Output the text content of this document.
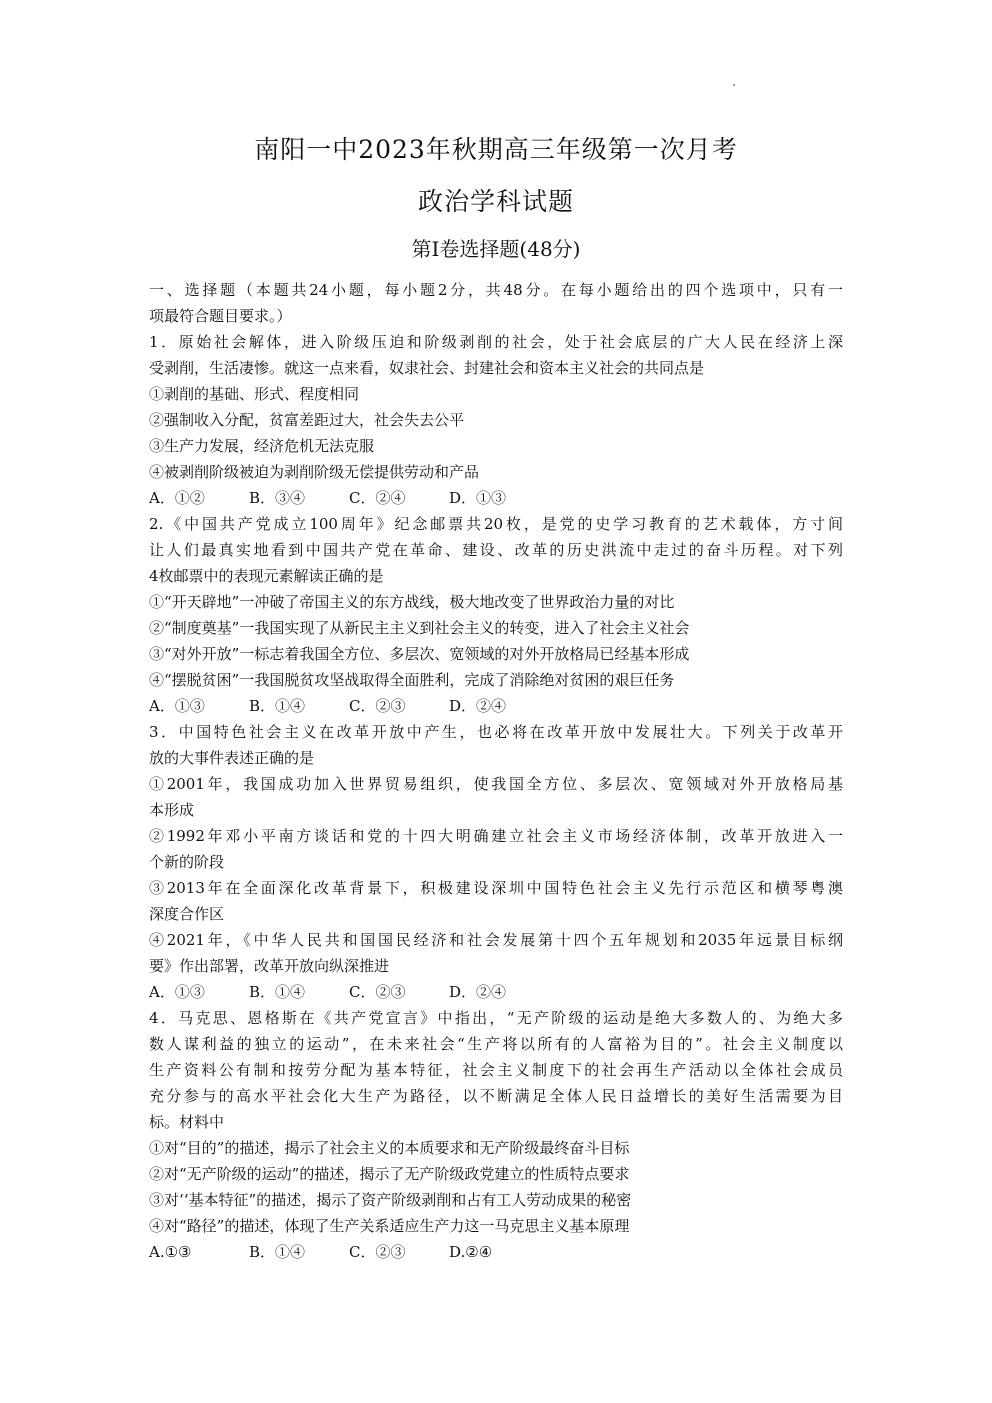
南阳一中2023年秋期高三年级第一次月考
政治学科试题
第I卷选择题(48分)
一、选择题（本题共24小题，每小题2分，共48分。在每小题给出的四个选项中，只有一
项最符合题目要求。）
1．原始社会解体，进入阶级压迫和阶级剥削的社会，处于社会底层的广大人民在经济上深
受剥削，生活凄惨。就这一点来看，奴隶社会、封建社会和资本主义社会的共同点是
①剥削的基础、形式、程度相同
②强制收入分配，贫富差距过大，社会失去公平
③生产力发展，经济危机无法克服
④被剥削阶级被迫为剥削阶级无偿提供劳动和产品
A．①②	B．③④	C．②④	D．①③
2.《中国共产党成立100周年》纪念邮票共20枚，是党的史学习教育的艺术载体，方寸间
让人们最真实地看到中国共产党在革命、建设、改革的历史洪流中走过的奋斗历程。对下列
4枚邮票中的表现元素解读正确的是
①“开天辟地”一冲破了帝国主义的东方战线，极大地改变了世界政治力量的对比
②“制度奠基”一我国实现了从新民主主义到社会主义的转变，进入了社会主义社会
③“对外开放”一标志着我国全方位、多层次、宽领域的对外开放格局已经基本形成
④“摆脱贫困”一我国脱贫攻坚战取得全面胜利，完成了消除绝对贫困的艰巨任务
A．①③	B．①④	C．②③	D．②④
3．中国特色社会主义在改革开放中产生，也必将在改革开放中发展壮大。下列关于改革开
放的大事件表述正确的是
①2001年，我国成功加入世界贸易组织，使我国全方位、多层次、宽领域对外开放格局基
本形成
②1992年邓小平南方谈话和党的十四大明确建立社会主义市场经济体制，改革开放进入一
个新的阶段
③2013年在全面深化改革背景下，积极建设深圳中国特色社会主义先行示范区和横琴粤澳
深度合作区
④2021年，《中华人民共和国国民经济和社会发展第十四个五年规划和2035年远景目标纲
要》作出部署，改革开放向纵深推进
A．①③	B．①④	C．②③	D．②④
4．马克思、恩格斯在《共产党宣言》中指出，“无产阶级的运动是绝大多数人的、为绝大多
数人谋利益的独立的运动”，在未来社会“生产将以所有的人富裕为目的”。社会主义制度以
生产资料公有制和按劳分配为基本特征，社会主义制度下的社会再生产活动以全体社会成员
充分参与的高水平社会化大生产为路径，以不断满足全体人民日益增长的美好生活需要为目
标。材料中
①对“目的”的描述，揭示了社会主义的本质要求和无产阶级最终奋斗目标
②对“无产阶级的运动”的描述，揭示了无产阶级政党建立的性质特点要求
③对‘‘基本特征”的描述，揭示了资产阶级剥削和占有工人劳动成果的秘密
④对“路径”的描述，体现了生产关系适应生产力这一马克思主义基本原理
A.①③	B．①④	C．②③	D.②④
